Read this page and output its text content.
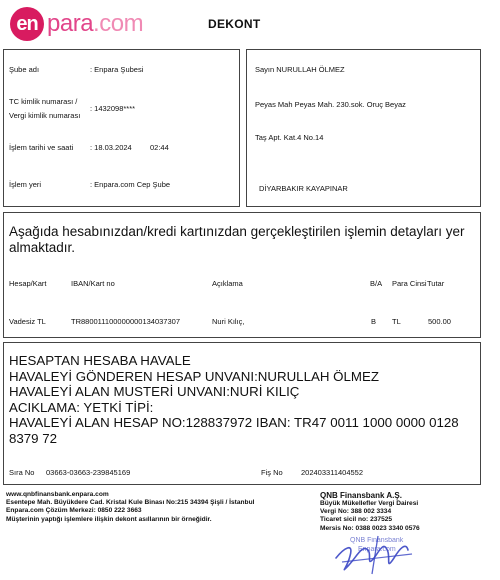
en para.com	DEKONT
Şube adı	: Enpara Şubesi
TC kimlik numarası /
Vergi kimlik numarası
: 1432098****
İşlem tarihi ve saati : 18.03.2024 02:44
İşlem yeri	: Enpara.com Cep Şube
Sayın NURULLAH ÖLMEZ
Peyas Mah Peyas Mah. 230.sok. Oruç Beyaz
Taş Apt. Kat.4 No.14
DİYARBAKIR KAYAPINAR
Aşağıda hesabınızdan/kredi kartınızdan gerçekleştirilen işlemin detayları yer almaktadır.
Hesap/Kart	IBAN/Kart no	Açıklama	B/A Para Cinsi Tutar
Vadesiz TL	TR880011100000000134037307	Nuri Kılıç,	B TL	500.00
HESAPTAN HESABA HAVALE
HAVALEYİ GÖNDEREN HESAP UNVANI:NURULLAH ÖLMEZ
HAVALEYİ ALAN MUSTERİ UNVANI:NURİ KILIÇ
ACIKLAMA: YETKİ TİPİ:
HAVALEYİ ALAN HESAP NO:128837972 IBAN: TR47 0011 1000 0000 0128
8379 72
Sıra No 03663-03663-239845169	Fiş No 202403311404552
www.qnbfinansbank.enpara.com
Esentepe Mah. Büyükdere Cad. Kristal Kule Binası No:215 34394 Şişli / İstanbul
Enpara.com Çözüm Merkezi: 0850 222 3663
Müşterinin yaptığı işlemlere ilişkin dekont asıllarının bir örneğidir.
QNB Finansbank A.Ş.
Büyük Mükellefler Vergi Dairesi
Vergi No: 388 002 3334
Ticaret sicil no: 237525
Mersis No: 0388 0023 3340 0576
QNB Finansbank
Enpara.com
